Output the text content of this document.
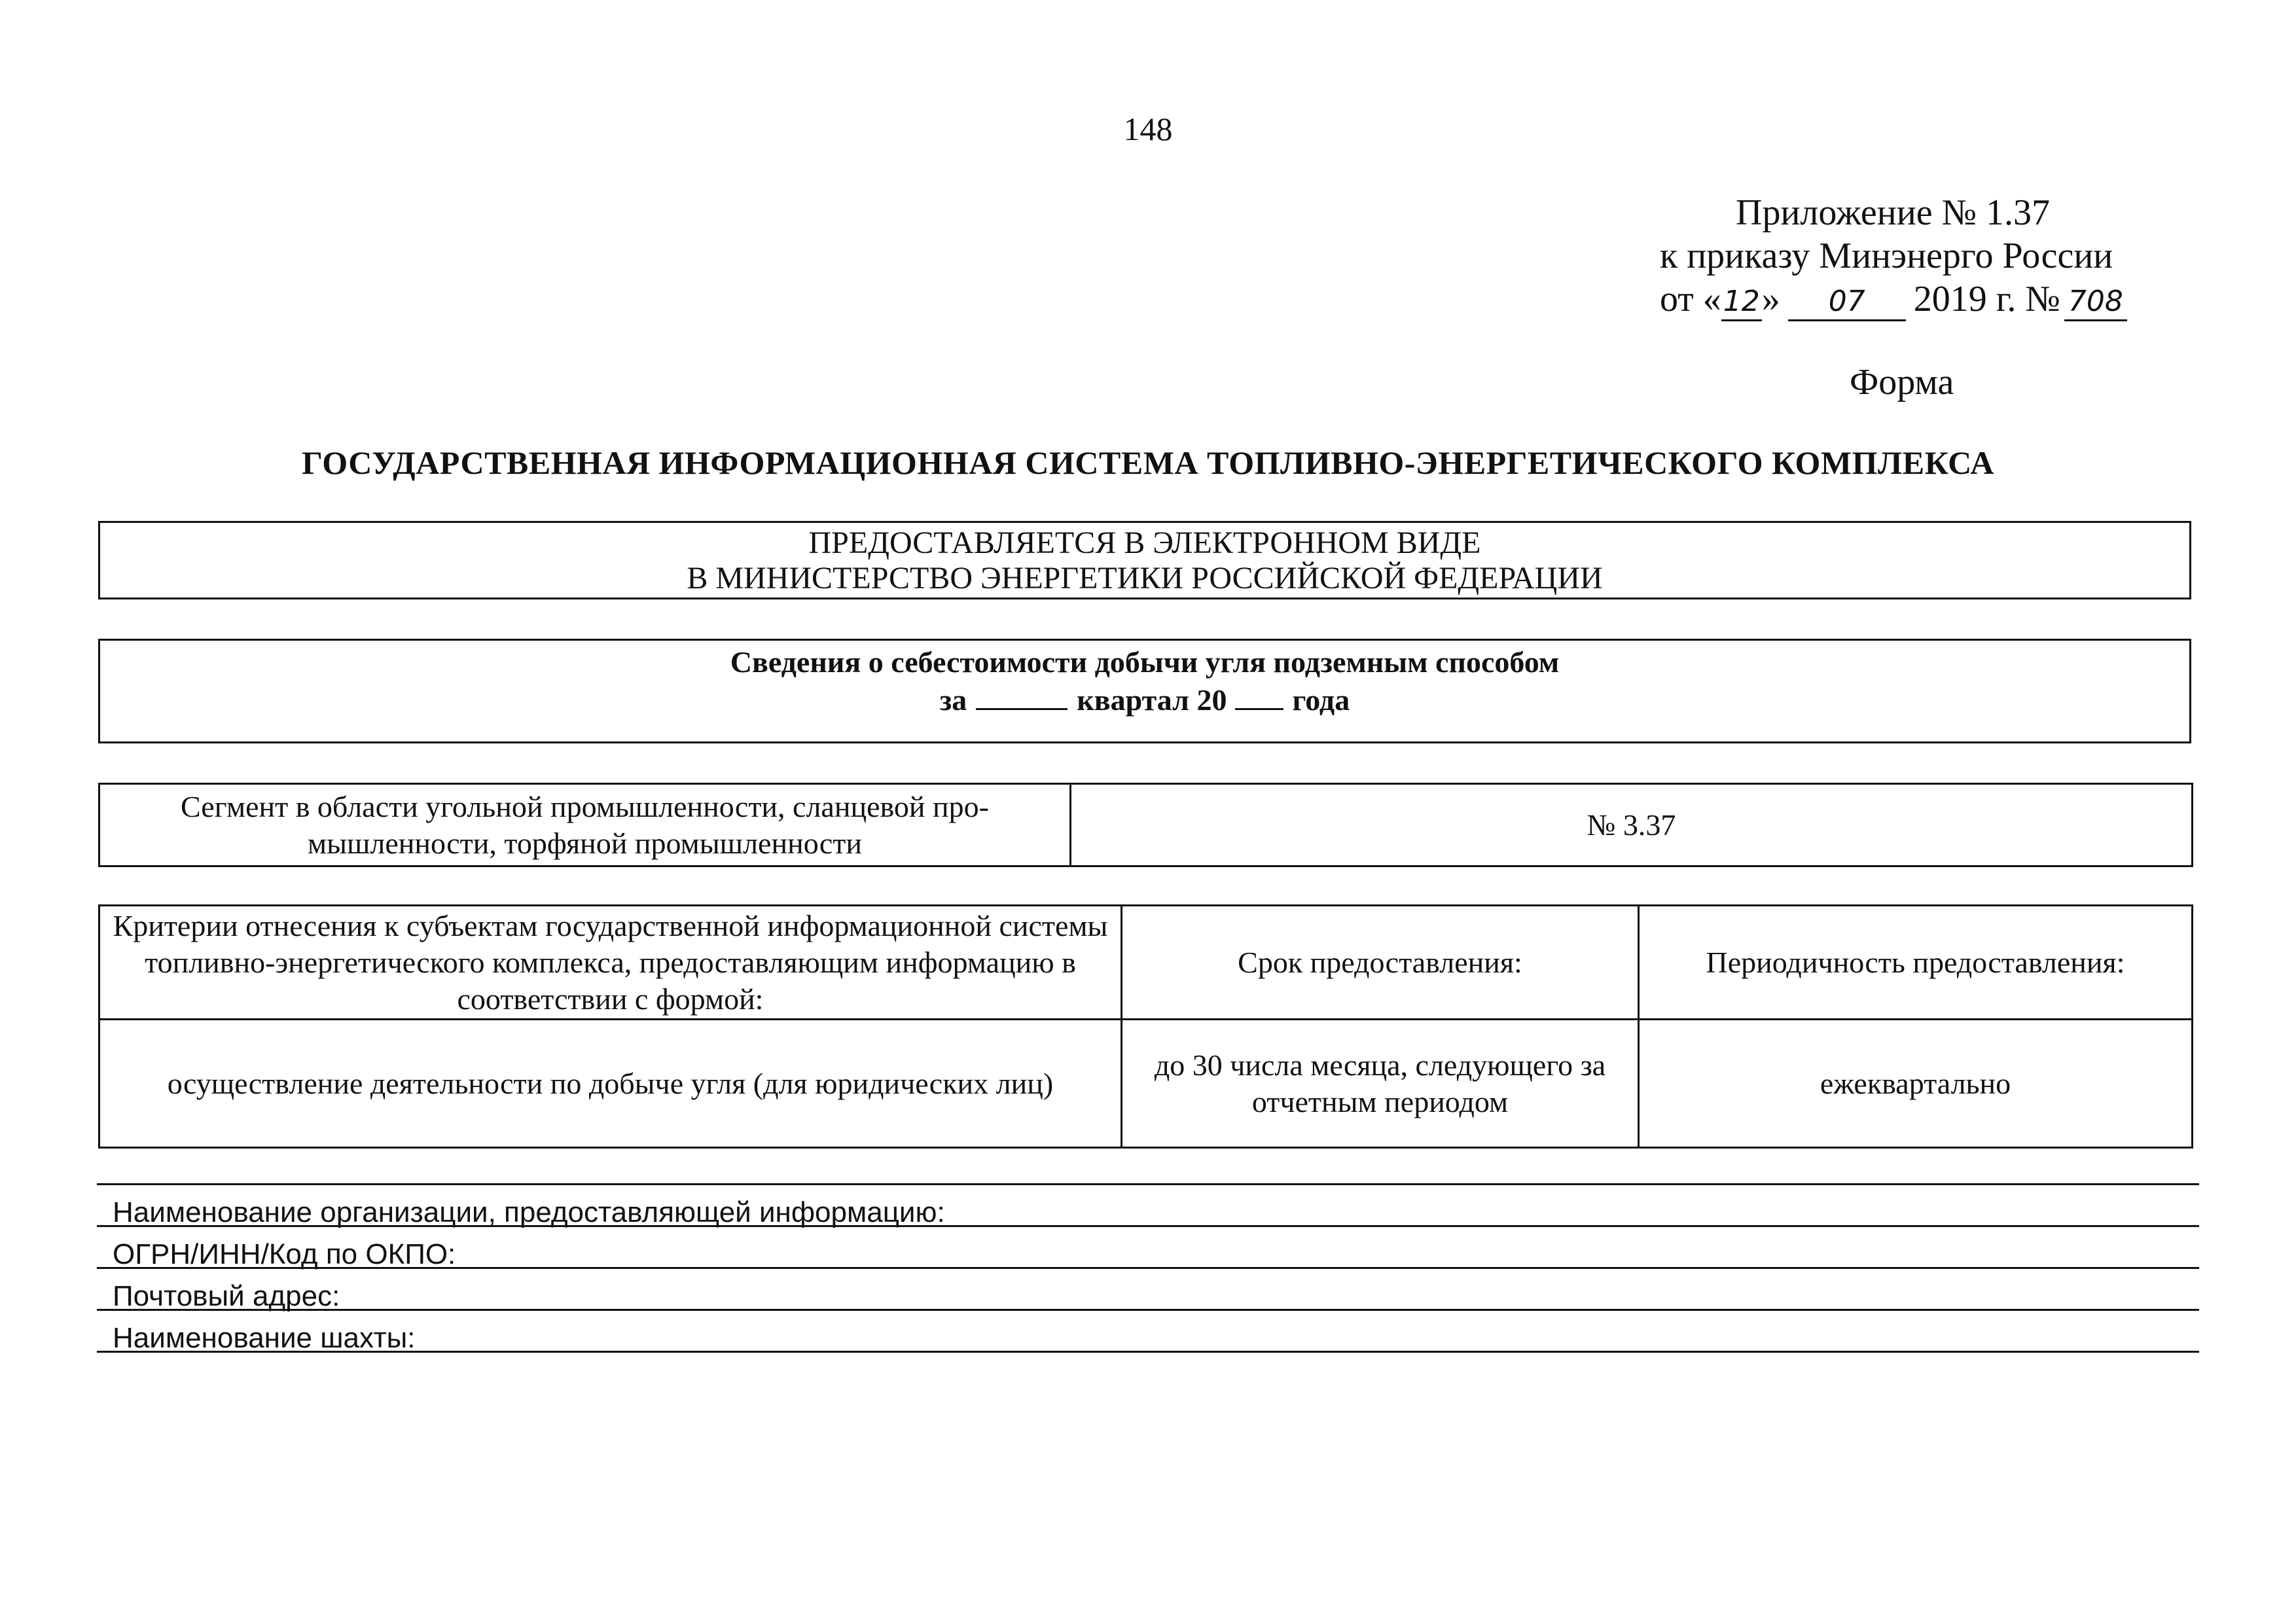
148
Приложение № 1.37
к приказу Минэнерго России
от «12» 07 2019 г. № 708
Форма
ГОСУДАРСТВЕННАЯ ИНФОРМАЦИОННАЯ СИСТЕМА ТОПЛИВНО-ЭНЕРГЕТИЧЕСКОГО КОМПЛЕКСА
ПРЕДОСТАВЛЯЕТСЯ В ЭЛЕКТРОННОМ ВИДЕ
В МИНИСТЕРСТВО ЭНЕРГЕТИКИ РОССИЙСКОЙ ФЕДЕРАЦИИ
Сведения о себестоимости добычи угля подземным способом
за	квартал 20 года
Сегмент в области угольной промышленности, сланцевой про-
мышленности, торфяной промышленности
	№ 3.37
Критерии отнесения к субъектам государственной информационной системы топливно-энергетического комплекса, предоставляющим информацию в соответствии с формой:	Срок предоставления:	Периодичность предоставления:
осуществление деятельности по добыче угля (для юридических лиц)	до 30 числа месяца, следующего за отчетным периодом	ежеквартально
Наименование организации, предоставляющей информацию:
ОГРН/ИНН/Код по ОКПО:
Почтовый адрес:
Наименование шахты:
